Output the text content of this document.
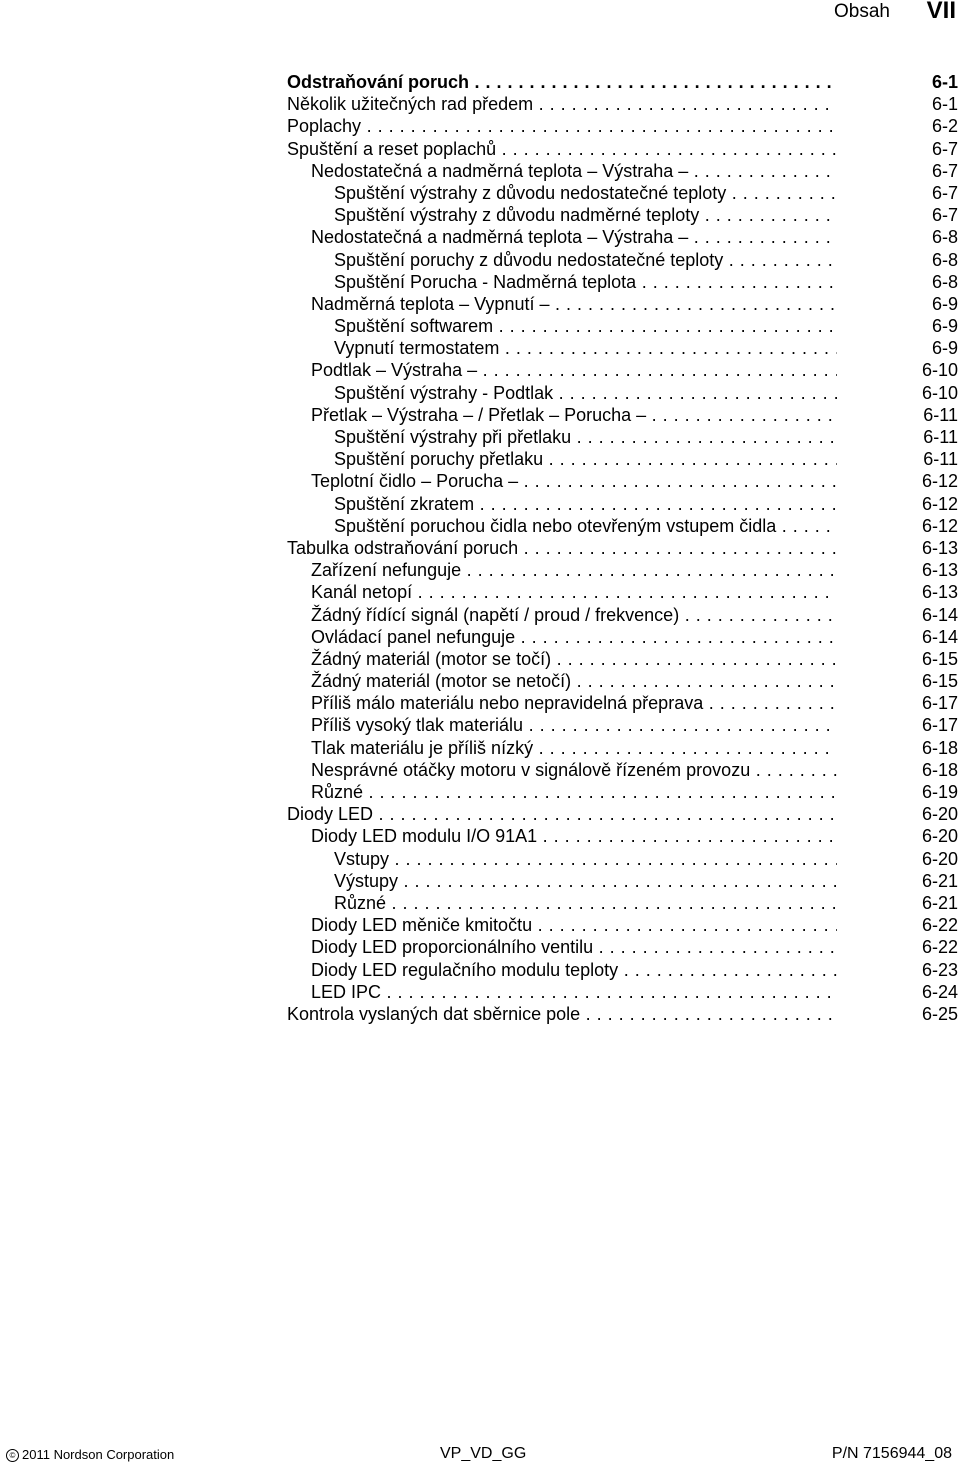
Obsah VII
Odstraňování poruch . . .	6-1
Několik užitečných rad předem . . .	6-1
Poplachy . . .	6-2
Spuštění a reset poplachů . . .	6-7
Nedostatečná a nadměrná teplota – Výstraha – . . .	6-7
Spuštění výstrahy z důvodu nedostatečné teploty . . .	6-7
Spuštění výstrahy z důvodu nadměrné teploty . . .	6-7
Nedostatečná a nadměrná teplota – Výstraha – . . .	6-8
Spuštění poruchy z důvodu nedostatečné teploty . . .	6-8
Spuštění Porucha - Nadměrná teplota . . .	6-8
Nadměrná teplota – Vypnutí – . . .	6-9
Spuštění softwarem . . .	6-9
Vypnutí termostatem . . .	6-9
Podtlak – Výstraha – . . .	6-10
Spuštění výstrahy - Podtlak . . .	6-10
Přetlak – Výstraha – / Přetlak – Porucha – . . .	6-11
Spuštění výstrahy při přetlaku . . .	6-11
Spuštění poruchy přetlaku . . .	6-11
Teplotní čidlo – Porucha – . . .	6-12
Spuštění zkratem . . .	6-12
Spuštění poruchou čidla nebo otevřeným vstupem čidla . . .	6-12
Tabulka odstraňování poruch . . .	6-13
Zařízení nefunguje . . .	6-13
Kanál netopí . . .	6-13
Žádný řídící signál (napětí / proud / frekvence) . . .	6-14
Ovládací panel nefunguje . . .	6-14
Žádný materiál (motor se točí) . . .	6-15
Žádný materiál (motor se netočí) . . .	6-15
Příliš málo materiálu nebo nepravidelná přeprava . . .	6-17
Příliš vysoký tlak materiálu . . .	6-17
Tlak materiálu je příliš nízký . . .	6-18
Nesprávné otáčky motoru v signálově řízeném provozu . . .	6-18
Různé . . .	6-19
Diody LED . . .	6-20
Diody LED modulu I/O 91A1 . . .	6-20
Vstupy . . .	6-20
Výstupy . . .	6-21
Různé . . .	6-21
Diody LED měniče kmitočtu . . .	6-22
Diody LED proporcionálního ventilu . . .	6-22
Diody LED regulačního modulu teploty . . .	6-23
LED IPC . . .	6-24
Kontrola vyslaných dat sběrnice pole . . .	6-25
© 2011 Nordson Corporation	VP_VD_GG	P/N 7156944_08
